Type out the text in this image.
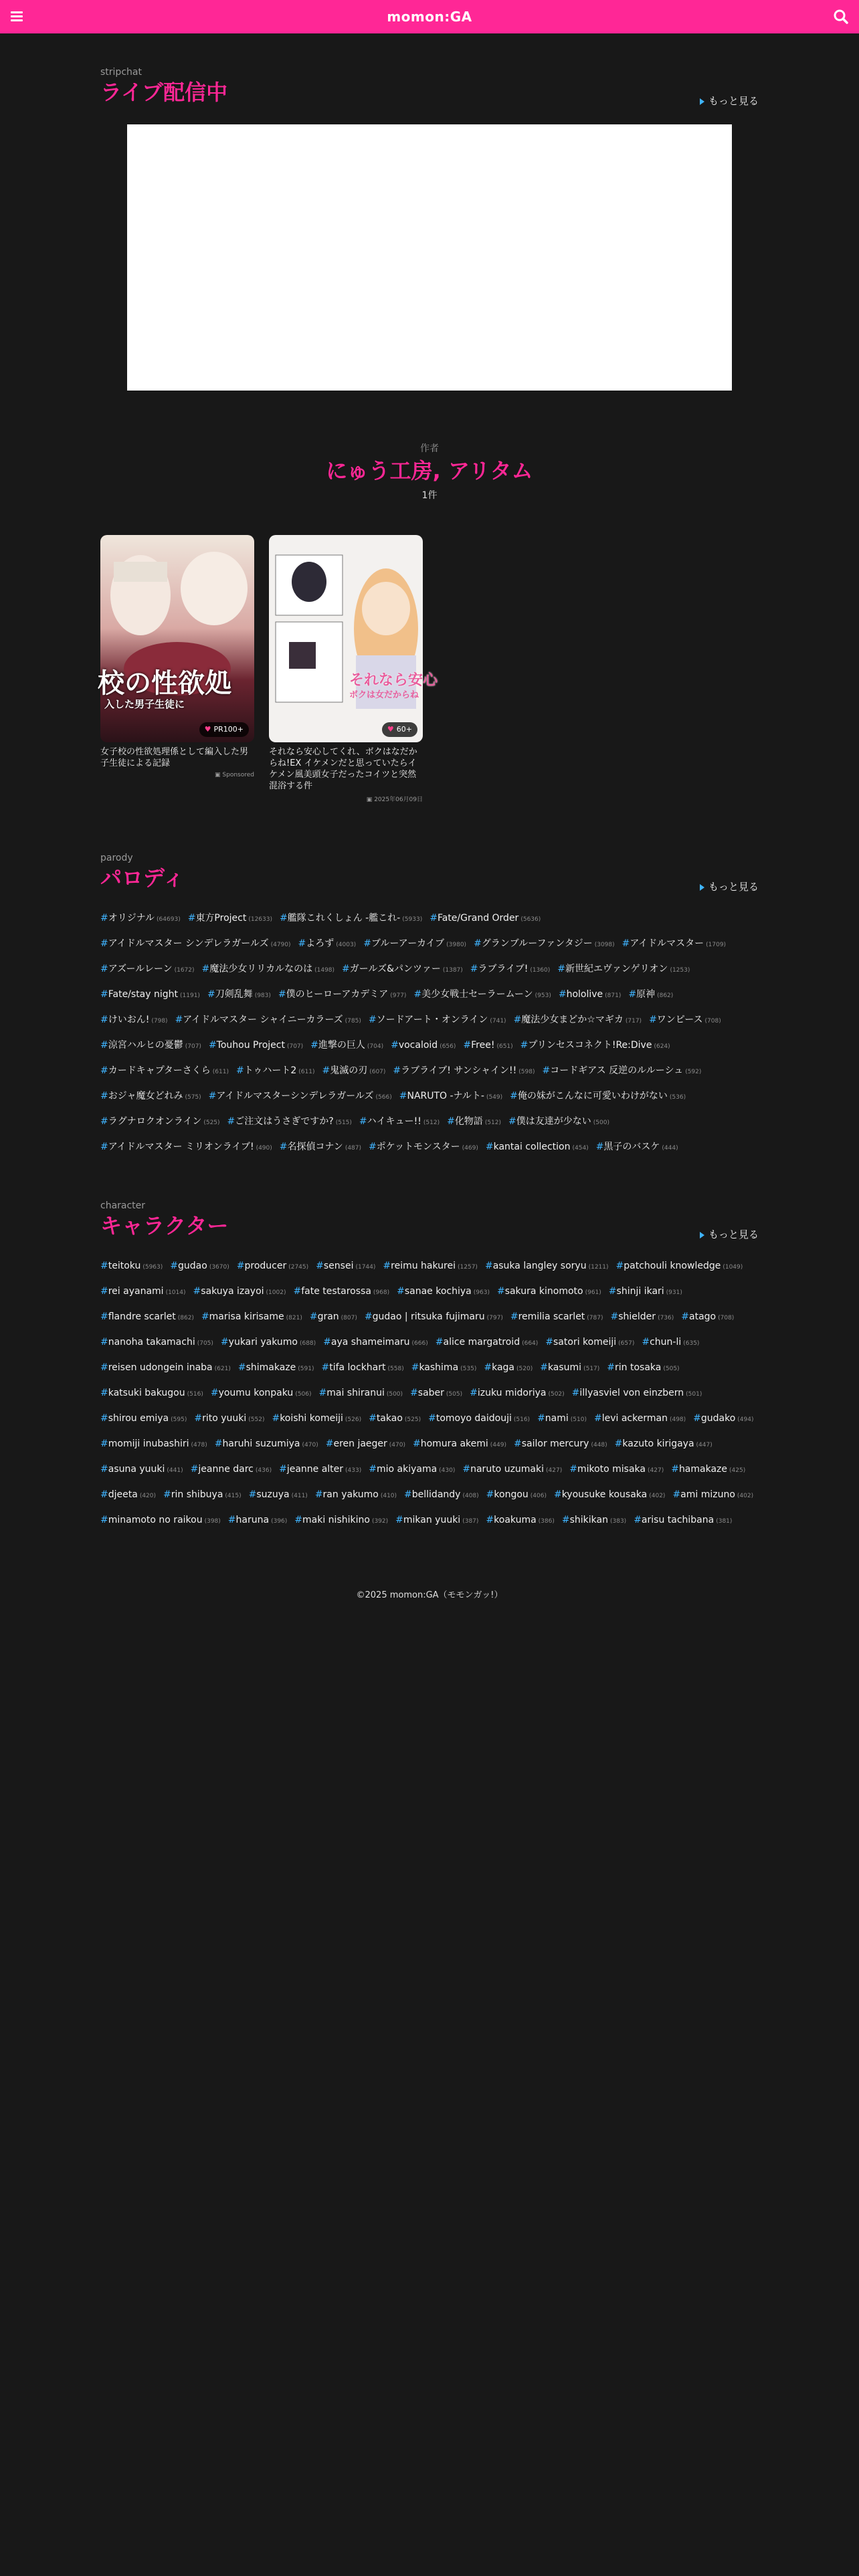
momon:GA
stripchat
ライブ配信中	もっと見る
作者
にゅう工房, アリタム
1件
校の性欲処
入した男子生徒に
♥ PR100+
女子校の性欲処理係として編入した男子生徒による記録
▣ Sponsored
それなら安心
ボクは女だからね
♥ 60+
それなら安心してくれ、ボクはなだからね!EX イケメンだと思っていたらイケメン風美頭女子だったコイツと突然混浴する件
▣ 2025年06月09日
parody
パロディ	もっと見る
#オリジナル (64693) #東方Project (12633) #艦隊これくしょん -艦これ- (5933) #Fate/Grand Order (5636)
#アイドルマスター シンデレラガールズ (4790) #よろず (4003) #ブルーアーカイブ (3980) #グランブルーファンタジー (3098) #アイドルマスター (1709)
#アズールレーン (1672) #魔法少女リリカルなのは (1498) #ガールズ&パンツァー (1387) #ラブライブ! (1360) #新世紀エヴァンゲリオン (1253)
#Fate/stay night (1191) #刀剣乱舞 (983) #僕のヒーローアカデミア (977) #美少女戦士セーラームーン (953) #hololive (871) #原神 (862)
#けいおん! (798) #アイドルマスター シャイニーカラーズ (785) #ソードアート・オンライン (741) #魔法少女まどか☆マギカ (717) #ワンピース (708)
#涼宮ハルヒの憂鬱 (707) #Touhou Project (707) #進撃の巨人 (704) #vocaloid (656) #Free! (651) #プリンセスコネクト!Re:Dive (624)
#カードキャプターさくら (611) #トゥハート2 (611) #鬼滅の刃 (607) #ラブライブ! サンシャイン!! (598) #コードギアス 反逆のルルーシュ (592)
#おジャ魔女どれみ (575) #アイドルマスターシンデレラガールズ (566) #NARUTO -ナルト- (549) #俺の妹がこんなに可愛いわけがない (536)
#ラグナロクオンライン (525) #ご注文はうさぎですか? (515) #ハイキュー!! (512) #化物語 (512) #僕は友達が少ない (500)
#アイドルマスター ミリオンライブ! (490) #名探偵コナン (487) #ポケットモンスター (469) #kantai collection (454) #黒子のバスケ (444)
character
キャラクター	もっと見る
#teitoku (5963) #gudao (3670) #producer (2745) #sensei (1744) #reimu hakurei (1257) #asuka langley soryu (1211) #patchouli knowledge (1049)
#rei ayanami (1014) #sakuya izayoi (1002) #fate testarossa (968) #sanae kochiya (963) #sakura kinomoto (961) #shinji ikari (931)
#flandre scarlet (862) #marisa kirisame (821) #gran (807) #gudao | ritsuka fujimaru (797) #remilia scarlet (787) #shielder (736) #atago (708)
#nanoha takamachi (705) #yukari yakumo (688) #aya shameimaru (666) #alice margatroid (664) #satori komeiji (657) #chun-li (635)
#reisen udongein inaba (621) #shimakaze (591) #tifa lockhart (558) #kashima (535) #kaga (520) #kasumi (517) #rin tosaka (505)
#katsuki bakugou (516) #youmu konpaku (506) #mai shiranui (500) #saber (505) #izuku midoriya (502) #illyasviel von einzbern (501)
#shirou emiya (595) #rito yuuki (552) #koishi komeiji (526) #takao (525) #tomoyo daidouji (516) #nami (510) #levi ackerman (498) #gudako (494)
#momiji inubashiri (478) #haruhi suzumiya (470) #eren jaeger (470) #homura akemi (449) #sailor mercury (448) #kazuto kirigaya (447)
#asuna yuuki (441) #jeanne darc (436) #jeanne alter (433) #mio akiyama (430) #naruto uzumaki (427) #mikoto misaka (427) #hamakaze (425)
#djeeta (420) #rin shibuya (415) #suzuya (411) #ran yakumo (410) #bellidandy (408) #kongou (406) #kyousuke kousaka (402) #ami mizuno (402)
#minamoto no raikou (398) #haruna (396) #maki nishikino (392) #mikan yuuki (387) #koakuma (386) #shikikan (383) #arisu tachibana (381)
©2025 momon:GA（モモンガッ!）
